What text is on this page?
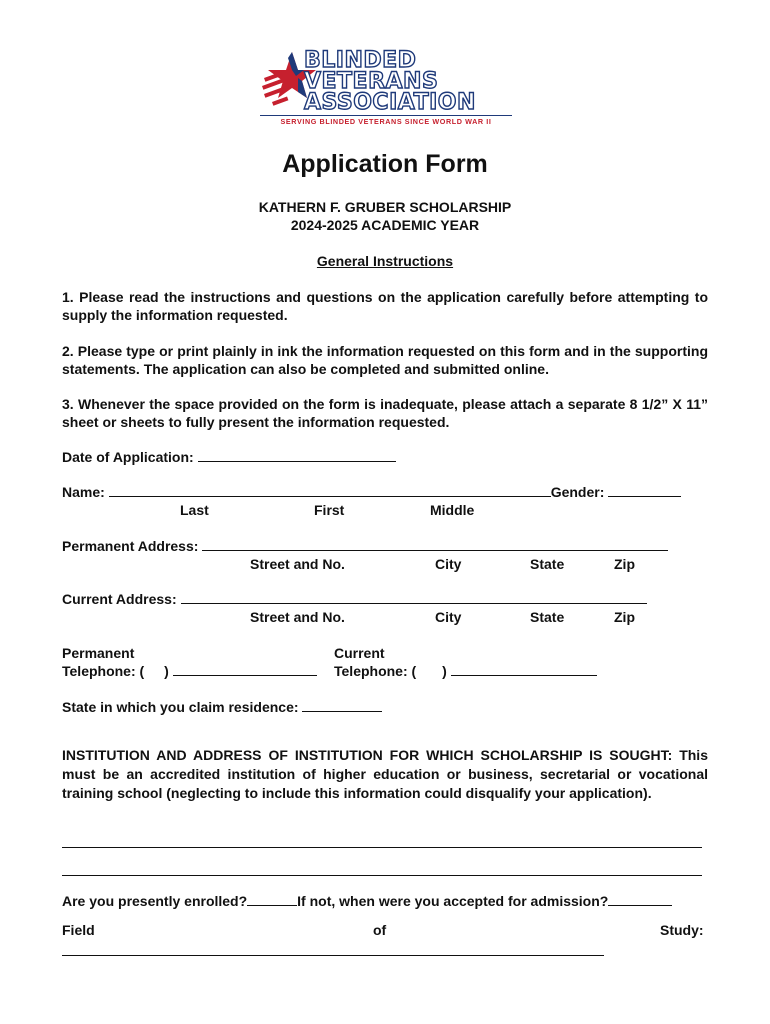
BLINDED
VETERANS
ASSOCIATION
SERVING BLINDED VETERANS SINCE WORLD WAR II
Application Form
KATHERN F. GRUBER SCHOLARSHIP
2024-2025 ACADEMIC YEAR
General Instructions
1. Please read the instructions and questions on the application carefully before attempting to supply the information requested.
2. Please type or print plainly in ink the information requested on this form and in the supporting statements. The application can also be completed and submitted online.
3. Whenever the space provided on the form is inadequate, please attach a separate 8 1/2” X 11” sheet or sheets to fully present the information requested.
Date of Application:
Name:	Gender:
Last	First	Middle
Permanent Address:
Street and No.	City	State	Zip
Current Address:
Street and No.	City	State	Zip
Permanent
Telephone: ( )
Current
Telephone: ( )
State in which you claim residence:
INSTITUTION AND ADDRESS OF INSTITUTION FOR WHICH SCHOLARSHIP IS SOUGHT: This must be an accredited institution of higher education or business, secretarial or vocational training school (neglecting to include this information could disqualify your application).
Are you presently enrolled?	If not, when were you accepted for admission?
Field	of	Study:
